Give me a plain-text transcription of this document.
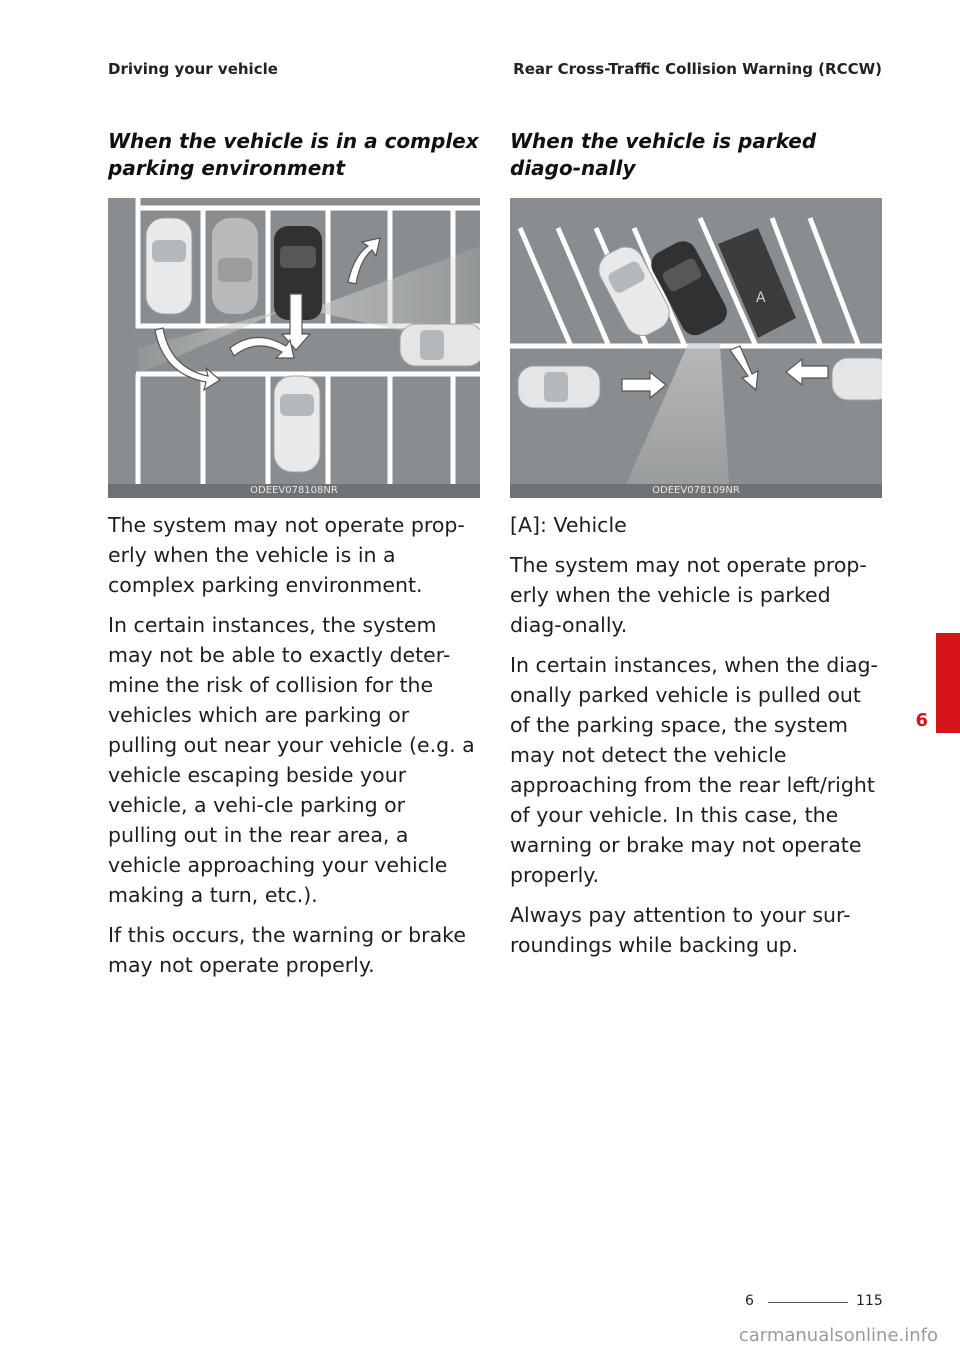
Driving your vehicle	Rear Cross-Traffic Collision Warning (RCCW)
When the vehicle is in a complex parking environment
ODEEV078108NR

The system may not operate prop-erly when the vehicle is in a complex parking environment.

In certain instances, the system may not be able to exactly deter-mine the risk of collision for the vehicles which are parking or pulling out near your vehicle (e.g. a vehicle escaping beside your vehicle, a vehi-cle parking or pulling out in the rear area, a vehicle approaching your vehicle making a turn, etc.).

If this occurs, the warning or brake may not operate properly.

When the vehicle is parked diago-nally
A
ODEEV078109NR

[A]: Vehicle

The system may not operate prop-erly when the vehicle is parked diag-onally.

In certain instances, when the diag-onally parked vehicle is pulled out of the parking space, the system may not detect the vehicle approaching from the rear left/right of your vehicle. In this case, the warning or brake may not operate properly.

Always pay attention to your sur-roundings while backing up.

6
6	115
carmanualsonline.info
